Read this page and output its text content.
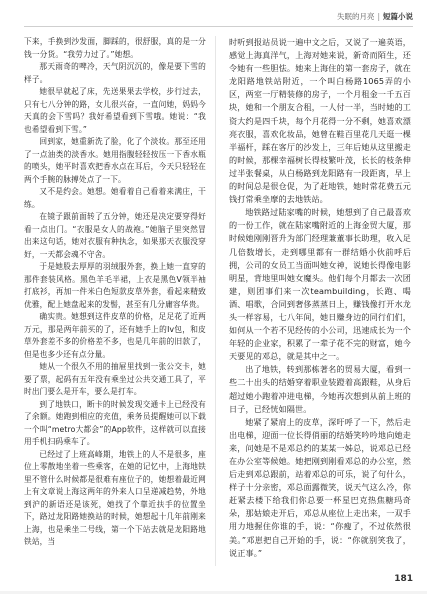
失眠的月亮 | 短篇小说

下来，手换到沙发面，脚踩的，很舒服，真的是一分钱一分货。“我劳力过了。”她想。

那天雨奇的啤冷，天气阴沉沉的，像是要下雪的样子。

她很早就起了床，先送果果去学校，步行过去，只有七八分钟的路，女儿很兴奋，一直问她，妈妈今天真的会下雪吗？我好希望看到下雪哦。她说：“我也希望看到下雪。”

回到家，她重新洗了脸，化了个淡妆。那至还用了一点油类的淡香水。她用指腹轻轻按压一下香水瓶的喷头，她平时喜欢把香水点在耳后，今天只轻轻在两个手腕的脉搏处点了一下。

又不是约会。她想。她看着自己看着来满庄，干练。

在镜子跟前面转了五分钟，她还是决定要穿得好看一点出门。“衣服是女人的战袍。”她脑子里突然冒出来这句话，她对衣服有种执念，如果那天衣服没穿好，一天都会魂不守舍。

于是她股去厚厚的羽绒服外套，换上她一直穿的那件套装风格。黑色羊毛半裙，上衣是黑色V领半袖打底衫，再加一件米白色短款皮草外套，看起来精致优雅，配上她盘起来的发髻，甚至有几分庸容华贵。

确实贵。她想到这件皮草的价格，足足花了近两万元，那是两年前买的了，还有她手上的Iv包，和皮草外套差不多的价格差不多，也是几年前的旧款了，但是也多少还有点分量。

她从一个很久不用的抽屉里找到一张公交卡，她要了票，起码有五年没有乘坐过公共交通工具了，平时出门要么是开车，要么是打车。

到了地铁口，断卡的时候发现交通卡上已经没有了余额。她跑到相应的充值，乘务员提醒她可以下载一个叫“metro大都会”的App软件，这样就可以直接用手机扫码乘车了。

已经过了上班高峰期，地铁上的人不是很多，座位上零散地坐着一些乘客，在她的记忆中，上海地铁里不管什么时候都是很难有座位子的，她想着最近网上有文章说上海这两年的外来人口呈递减趋势，外地到沪的新语还是该死，她找了个靠近扶手的位置坐下，路过龙阳路她换站的时候，她想起十几年前刚来上海，也是乘坐二号线，第一个下站去就是龙阳路地铁站，当

时听到报站员说一遍中文之后，又说了一遍英语，感觉上海真洋气，上海对她来说，新奇而陌生，还令她有一些胆怯。她来上海住的第一套房子，就在龙阳路地铁站附近，一个叫白杨路1065弄的小区，两室一厅精装修的房子，一个月租金一千五百块，她和一个朋友合租，一人付一半，当时她的工资大约是四千块，每个月花得一分不剩，她喜欢漂亮衣服，喜欢化妆品，她曾在鞋百里花几天逛一棵半福杆，踩在客厅的沙发上，三年后她从这里搬走的时候，那棵幸福树长得枝繁叶茂，长长的枝条伸过半张餐桌，从白杨路到龙阳路有一段距离，早上的时间总是很仓促，为了赶地铁，她时常花费五元钱打常乘坐摩的去地铁站。

地铁路过陆家嘴的时候，她想到了自己最喜欢的一份工作，就在陆家嘴附近的上海金贸大厦，那时候她刚刚晋升为部门经理兼董事长助理，收入足几倍数增长，走到哪里都有一群结婚小伙前呼后拥，公司的女员工当面叫她女神，说她长得像电影明星，背地里叫她女魔头。他们每个月都去一次团建，则团事们来一次teambuilding，长跑、喝酒、唱歌，合同到奢侈蒸蒸日上，赚钱像打开水龙头一样容易，七八年间，她日赚身边的同行们们，如何从一个若不见经传的小公司，迅速成长为一个年轻的企业家，积累了一辈子花不完的财富，她今天要见的邓总，就是其中之一。

出了地铁，转到那栋著名的贸易大厦，看到一些二十出头的结婚穿着职业装蹬着高跟鞋，从身后超过她小跑着冲进电梯，今她再次想到从前上班的日子，已经恍如隔世。

她紧了紧肩上的皮草，深吁呼了一下，然后走出电梯，迎面一位长得俏丽的结婚笑吟吟地向她走来，问她是不是邓总约的某某一姊总，说邓总已经在办公室等候她。她把刚到刚看邓总的办公室，然后走到邓总跟前，站着邓总的可乐，说了句什么，样子十分亲密，邓总面露微笑，说天气这么冷，你赶紧去楼下给我们你总要一杯星巴克热焦糖玛奇朵，那姑娘走开后，邓总从座位上走出来，一双手用力地握住你谁的手，说：“你瘦了，不过依然很美。”邓崽把自己开始的手，说：“你就别笑我了，说正事。”

181
